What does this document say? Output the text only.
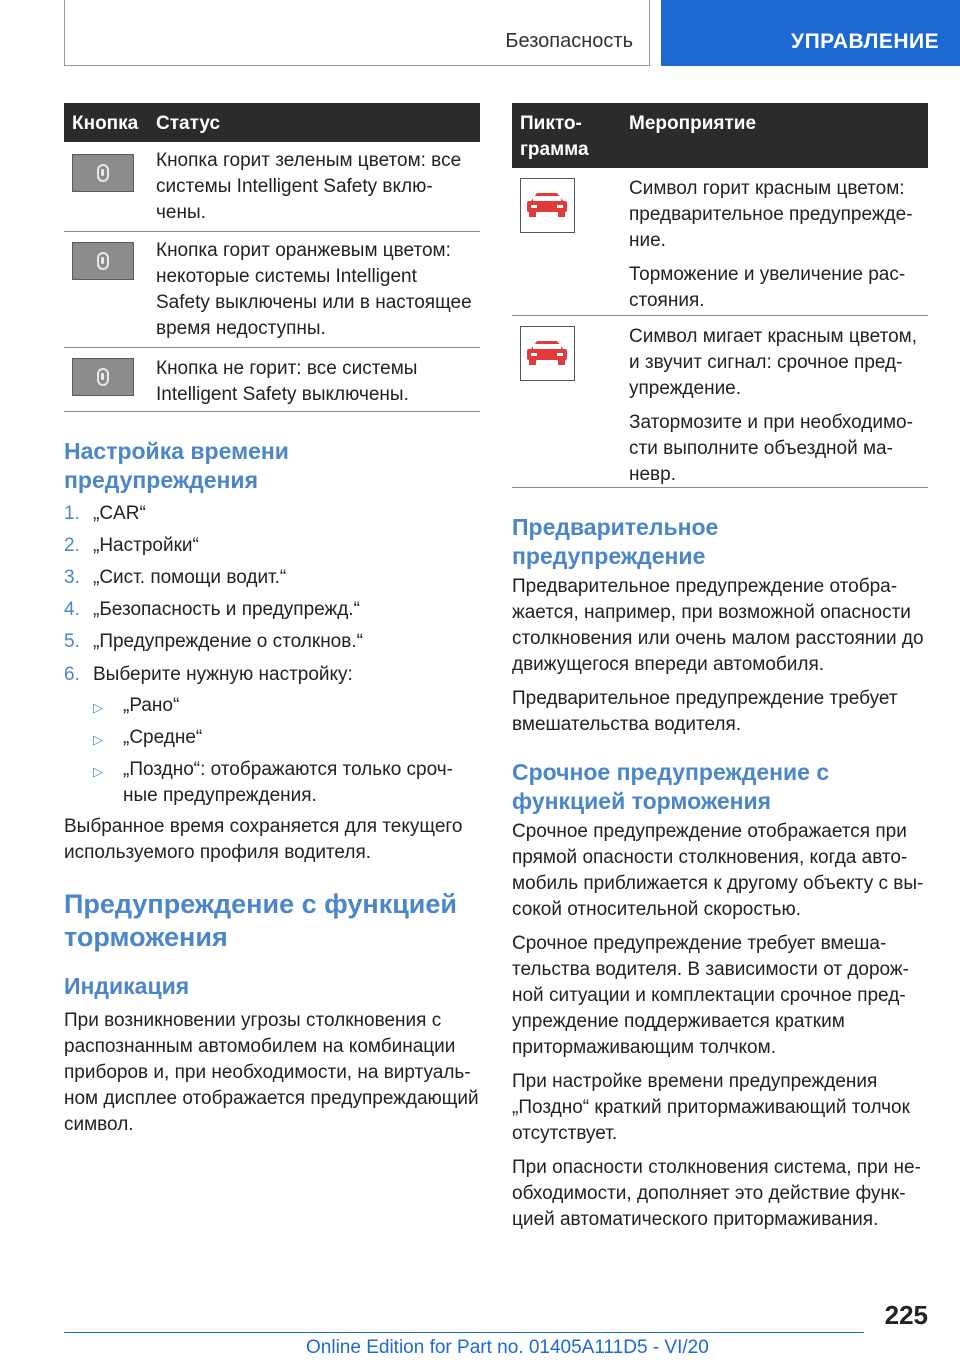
Безопасность	УПРАВЛЕНИЕ
Кнопка Статус
Кнопка горит зеленым цветом: все
системы Intelligent Safety вклю-
чены.
Кнопка горит оранжевым цветом:
некоторые системы Intelligent
Safety выключены или в настоящее
время недоступны.
Кнопка не горит: все системы
Intelligent Safety выключены.
Настройка времени
предупреждения
1. „CAR“
2. „Настройки“
3. „Сист. помощи водит.“
4. „Безопасность и предупрежд.“
5. „Предупреждение о столкнов.“
6. Выберите нужную настройку:
▷ „Рано“
▷ „Средне“
▷ „Поздно“: отображаются только сроч-
ные предупреждения.
Выбранное время сохраняется для текущего
используемого профиля водителя.
Предупреждение с функцией
торможения
Индикация
При возникновении угрозы столкновения с
распознанным автомобилем на комбинации
приборов и, при необходимости, на виртуаль-
ном дисплее отображается предупреждающий
символ.
Пикто-
грамма
Мероприятие
Символ горит красным цветом:
предварительное предупрежде-
ние.
Торможение и увеличение рас-
стояния.
Символ мигает красным цветом,
и звучит сигнал: срочное пред-
упреждение.
Затормозите и при необходимо-
сти выполните объездной ма-
невр.
Предварительное
предупреждение
Предварительное предупреждение отобра-
жается, например, при возможной опасности
столкновения или очень малом расстоянии до
движущегося впереди автомобиля.
Предварительное предупреждение требует
вмешательства водителя.
Срочное предупреждение с
функцией торможения
Срочное предупреждение отображается при
прямой опасности столкновения, когда авто-
мобиль приближается к другому объекту с вы-
сокой относительной скоростью.
Срочное предупреждение требует вмеша-
тельства водителя. В зависимости от дорож-
ной ситуации и комплектации срочное пред-
упреждение поддерживается кратким
притормаживающим толчком.
При настройке времени предупреждения
„Поздно“ краткий притормаживающий толчок
отсутствует.
При опасности столкновения система, при не-
обходимости, дополняет это действие функ-
цией автоматического притормаживания.
225
Online Edition for Part no. 01405A111D5 - VI/20
